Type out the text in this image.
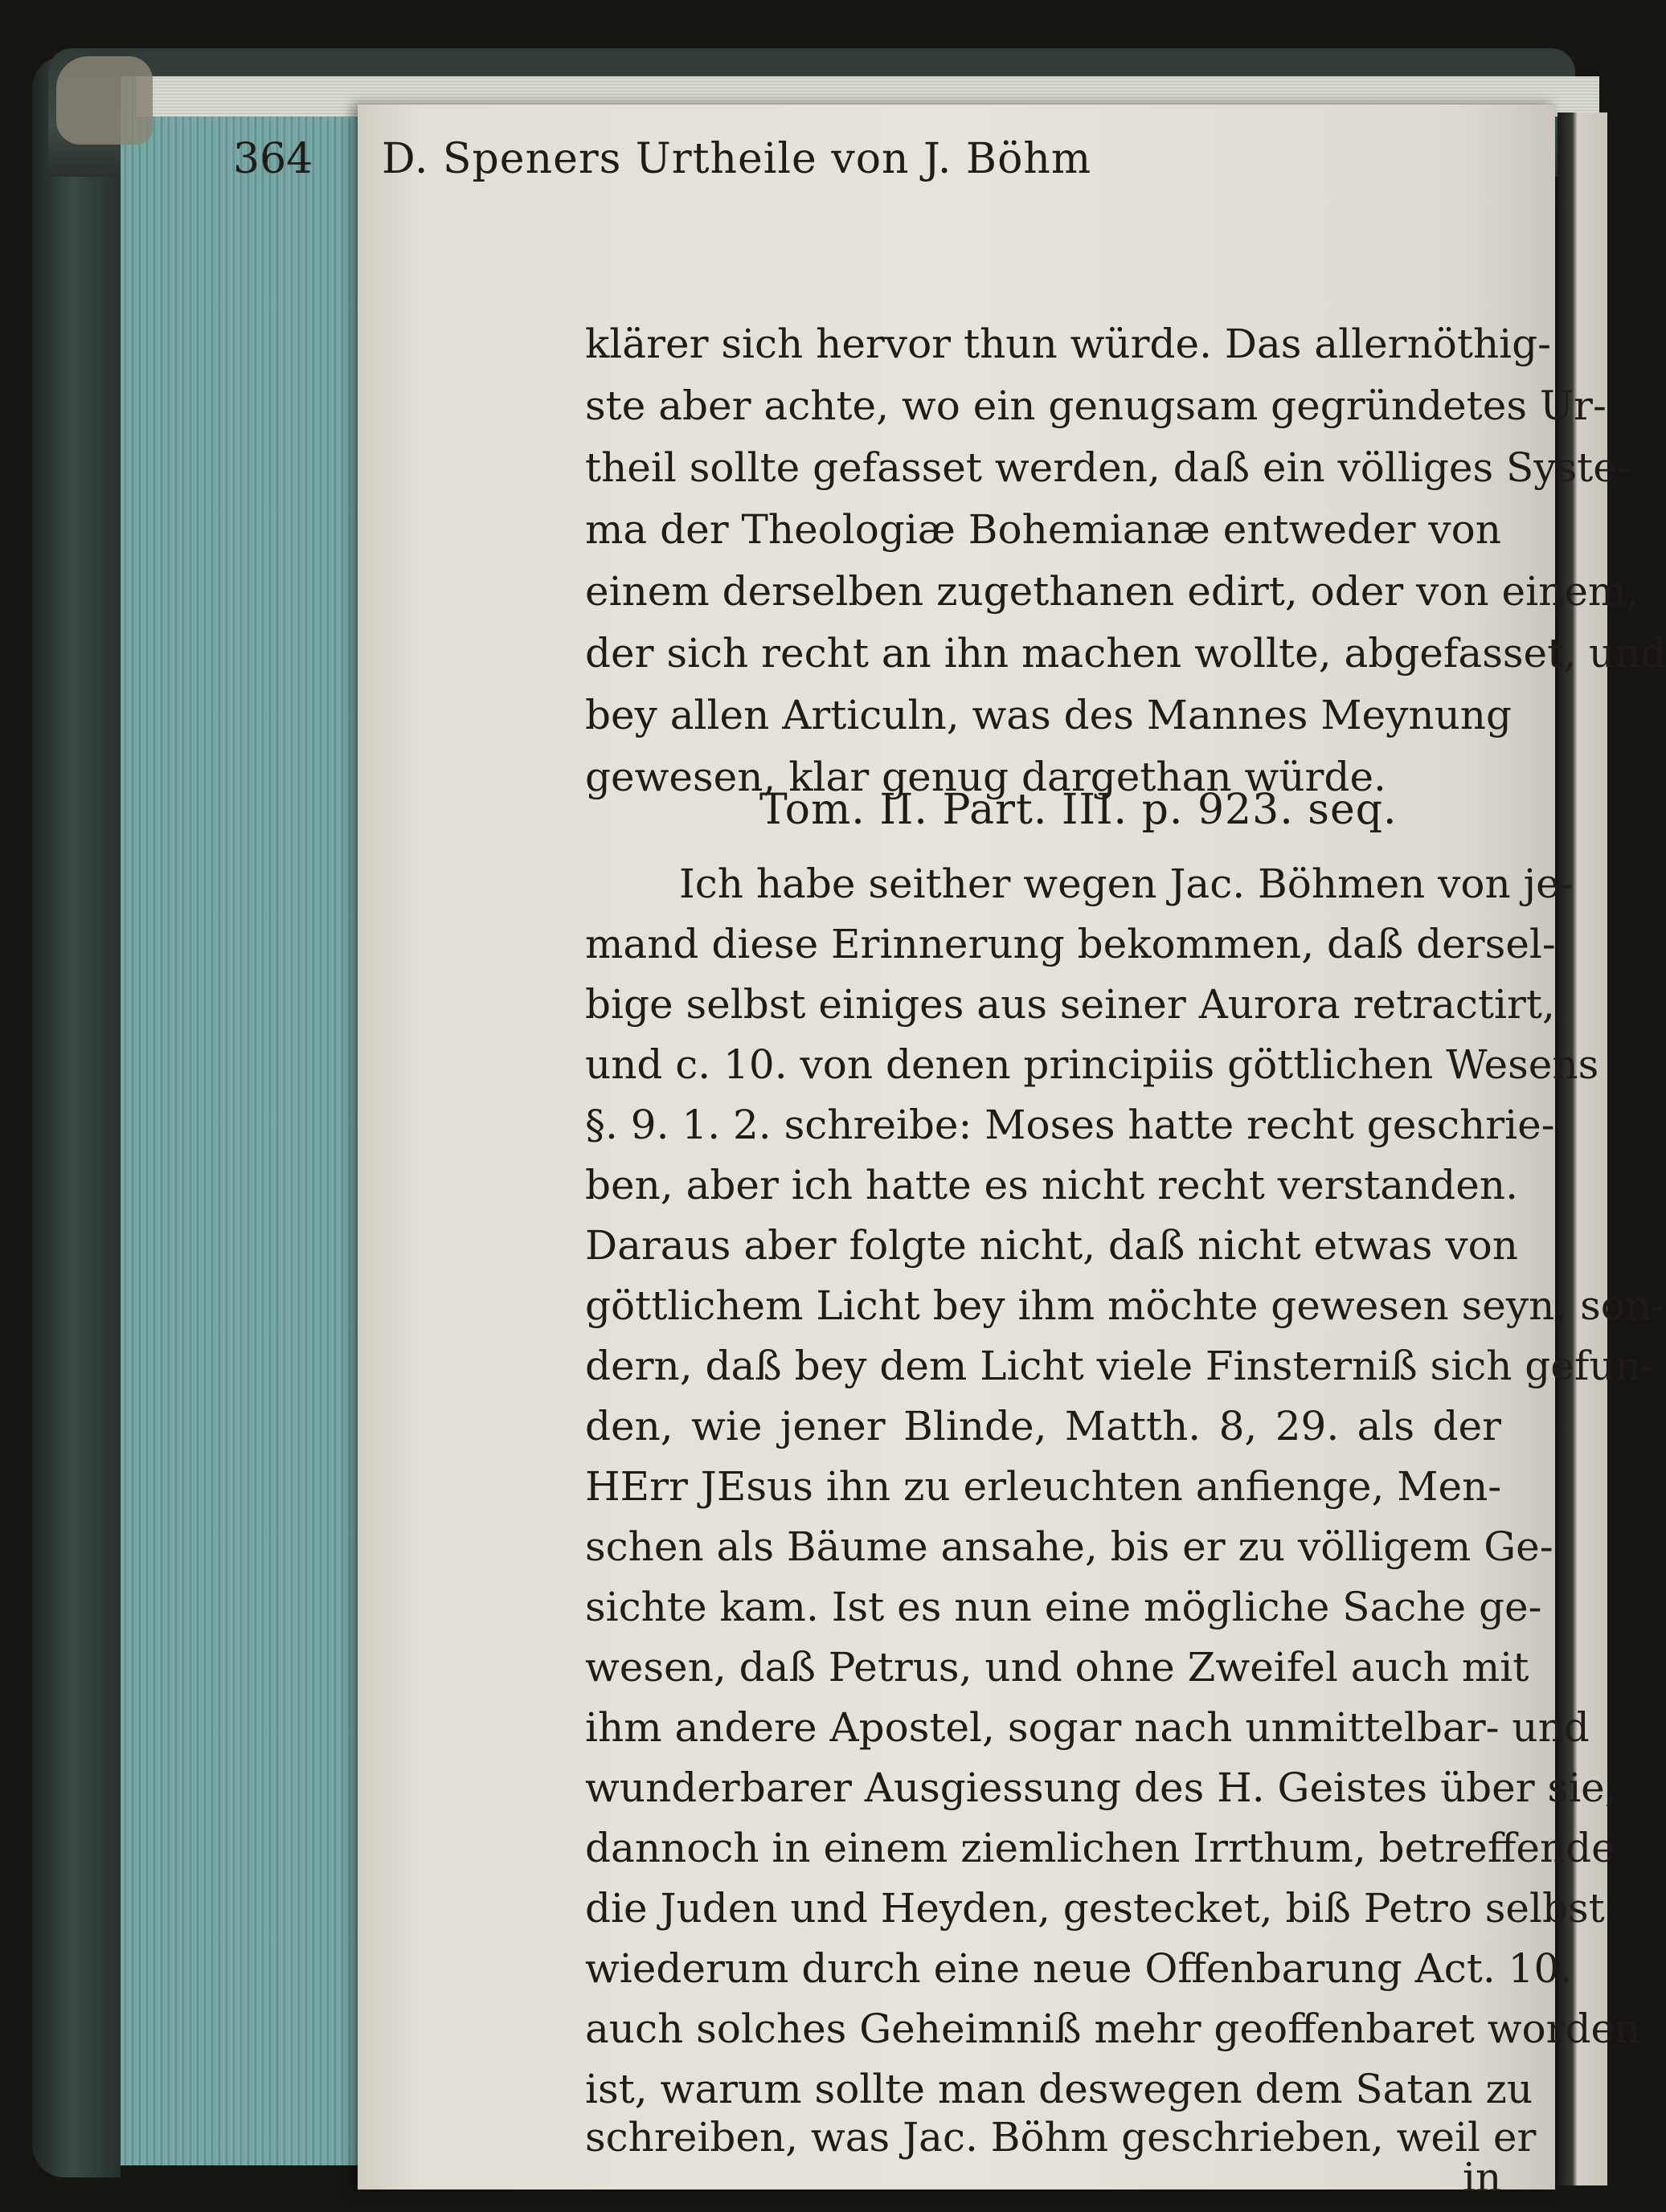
364 D. Speners Urtheile von J. Böhm
klärer sich hervor thun würde. Das allernöthig-
ste aber achte, wo ein genugsam gegründetes Ur-
theil sollte gefasset werden, daß ein völliges Syste-
ma der Theologiæ Bohemianæ entweder von
einem derselben zugethanen edirt, oder von einem,
der sich recht an ihn machen wollte, abgefasset, und
bey allen Articuln, was des Mannes Meynung
gewesen, klar genug dargethan würde.
Tom. II. Part. III. p. 923. seq.
Ich habe seither wegen Jac. Böhmen von je-
mand diese Erinnerung bekommen, daß dersel-
bige selbst einiges aus seiner Aurora retractirt,
und c. 10. von denen principiis göttlichen Wesens
§. 9. 1. 2. schreibe: Moses hatte recht geschrie-
ben, aber ich hatte es nicht recht verstanden.
Daraus aber folgte nicht, daß nicht etwas von
göttlichem Licht bey ihm möchte gewesen seyn, son-
dern, daß bey dem Licht viele Finsterniß sich gefun-
den, wie jener Blinde, Matth. 8, 29. als der
HErr JEsus ihn zu erleuchten anfienge, Men-
schen als Bäume ansahe, bis er zu völligem Ge-
sichte kam. Ist es nun eine mögliche Sache ge-
wesen, daß Petrus, und ohne Zweifel auch mit
ihm andere Apostel, sogar nach unmittelbar- und
wunderbarer Ausgiessung des H. Geistes über sie,
dannoch in einem ziemlichen Irrthum, betreffende
die Juden und Heyden, gestecket, biß Petro selbst
wiederum durch eine neue Offenbarung Act. 10.
auch solches Geheimniß mehr geoffenbaret worden
ist, warum sollte man deswegen dem Satan zu
schreiben, was Jac. Böhm geschrieben, weil er
in
